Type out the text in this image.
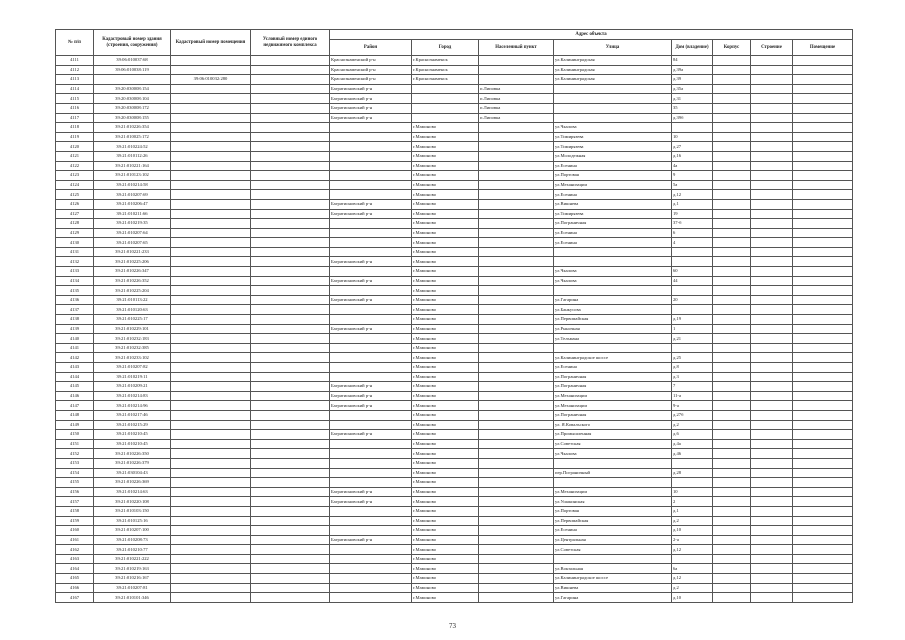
№ п/п	Кадастровый номер здания (строения, сооружения)	Кадастровый номер помещения	Условный номер единого недвижимого комплекса	Адрес объекта							
				Район	Город	Населенный пункт	Улица	Дом (владение)	Корпус	Строение	Помещение
4111	39:06:010037:68			Краснознаменский р-н	г.Краснознаменск		ул.Калининградская	84			
4112	39:06:010038:119			Краснознаменский р-н	г.Краснознаменск		ул.Калининградская	д.39а			
4113		39:06:010032:280		Краснознаменский р-н	г.Краснознаменск		ул.Калининградская	д.39			
4114	39:20:030008:154			Багратионовский р-н		п.Липовка		д.35а			
4115	39:20:030008:104			Багратионовский р-н		п.Липовка		д.31			
4116	39:20:030008:172			Багратионовский р-н		п.Липовка		35			
4117	39:20:030008:155			Багратионовский р-н		п.Липовка		д.39б			
4118	39:21:010226:354				г.Мамоново		ул.Чкалова				
4119	39:21:010025:172				г.Мамоново		ул.Тимирязева	10			
4120	39:21:010224:52				г.Мамоново		ул.Тимирязева	д.27			
4121	39:21:010112:26				г.Мамоново		ул.Молодежная	д.16			
4122	39:21:010221:164				г.Мамоново		ул.Есенина	4а			
4123	39:21:010123:102				г.Мамоново		ул.Портовая	9			
4124	39:21:010214:58				г.Мамоново		ул.Механизации	5а			
4125	39:21:010207:69				г.Мамоново		ул.Есенина	д.12			
4126	39:21:010206:47			Багратионовский р-н	г.Мамоново		ул.Вишнева	д.1			
4127	39:21:010211:66			Багратионовский р-н	г.Мамоново		ул.Тимирязева	19			
4128	39:21:010219:35				г.Мамоново		ул.Пограничная	37-б			
4129	39:21:010207:64				г.Мамоново		ул.Есенина	6			
4130	39:21:010207:65				г.Мамоново		ул.Есенина	4			
4131	39:21:010221:233				г.Мамоново						
4132	39:21:010225:206			Багратионовский р-н	г.Мамоново						
4133	39:21:010226:347				г.Мамоново		ул.Чкалова	60			
4134	39:21:010226:352			Багратионовский р-н	г.Мамоново		ул.Чкалова	44			
4135	39:21:010225:204				г.Мамоново						
4136	39:21:010113:22			Багратионовский р-н	г.Мамоново		ул.Гагарина	20			
4137	39:21:010120:63				г.Мамоново		ул.Банкусова				
4138	39:21:010225:17				г.Мамоново		ул.Первомайская	д.19			
4139	39:21:010229:101			Багратионовский р-н	г.Мамоново		ул.Рыночная	1			
4140	39:21:010232:183				г.Мамоново		ул.Тельмана	д.21			
4141	39:21:010232:385				г.Мамоново						
4142	39:21:010233:102				г.Мамоново		ул.Калининградское шоссе	д.25			
4143	39:21:010207:82				г.Мамоново		ул.Есенина	д.8			
4144	39:21:010219:11				г.Мамоново		ул.Пограничная	д.3			
4145	39:21:010209:21			Багратионовский р-н	г.Мамоново		ул.Пограничная	7			
4146	39:21:010214:83			Багратионовский р-н	г.Мамоново		ул.Механизации	11-а			
4147	39:21:010214:96			Багратионовский р-н	г.Мамоново		ул.Механизации	9-а			
4148	39:21:010217:46				г.Мамоново		ул.Пограничная	д.27б			
4149	39:21:010215:29				г.Мамоново		ул. Я.Ковальского	д.2			
4150	39:21:010210:45			Багратионовский р-н	г.Мамоново		ул.Промышленная	д.6			
4151	39:21:010210:45				г.Мамоново		ул.Советская	д.4а			
4152	39:21:010226:350				г.Мамоново		ул.Чкалова	д.46			
4153	39:21:010226:379				г.Мамоново						
4154	39:21:030104:43				г.Мамоново		пер.Пограничный	д.28			
4155	39:21:010226:369				г.Мамоново						
4156	39:21:010214:63			Багратионовский р-н	г.Мамоново		ул.Механизации	10			
4157	39:21:010220:108			Багратионовский р-н	г.Мамоново		ул.Ушакинская	2			
4158	39:21:010103:150				г.Мамоново		ул.Портовая	д.1			
4159	39:21:010125:16				г.Мамоново		ул.Первомайская	д.2			
4160	39:21:010207:100				г.Мамоново		ул.Есенина	д.10			
4161	39:21:010208:73			Багратионовский р-н	г.Мамоново		ул.Центральная	2-а			
4162	39:21:010210:77				г.Мамоново		ул.Советская	д.12			
4163	39:21:010221:222				г.Мамоново						
4164	39:21:010219:163				г.Мамоново		ул.Вокзальная	6а			
4165	39:21:010216:167				г.Мамоново		ул.Калининградское шоссе	д.12			
4166	39:21:010207:81				г.Мамоново		ул.Вишнева	д.2			
4167	39:21:010101:346				г.Мамоново		ул.Гагарина	д.10			
73
